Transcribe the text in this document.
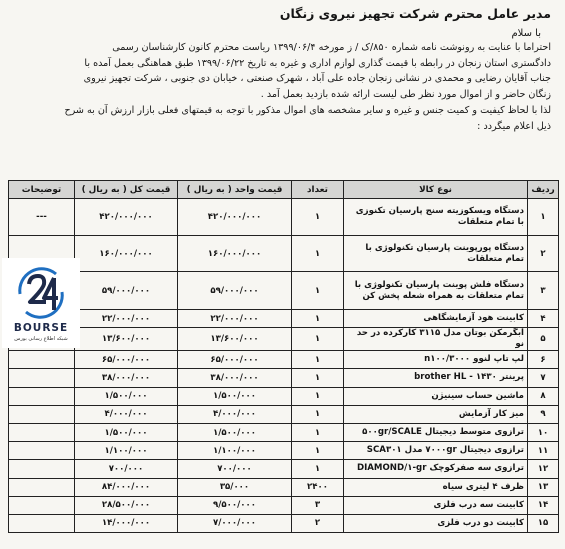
مدیر عامل محترم شرکت تجهیز نیروی زنگان
با سلام
احتراما با عنایت به رونوشت نامه شماره ۸۵۰/ک / ز مورخه ۱۳۹۹/۰۶/۴ ریاست محترم کانون کارشناسان رسمی
دادگستری استان زنجان در رابطه با قیمت گذاری لوازم اداری و غیره به تاریخ ۱۳۹۹/۰۶/۲۲ طبق هماهنگی بعمل آمده با
جناب آقایان رضایی و محمدی در نشانی زنجان جاده علی آباد ، شهرک صنعتی ، خیابان دی جنوبی ، شرکت تجهیز نیروی
زنگان حاضر و از اموال مورد نظر طی لیست ارائه شده بازدید بعمل آمد .
لذا با لحاظ کیفیت و کمیت جنس و غیره و سایر مشخصه های اموال مذکور با توجه به قیمتهای فعلی بازار ارزش آن به شرح
ذیل اعلام میگردد :
ردیف	نوع کالا	تعداد	قیمت واحد ( به ریال )	قیمت کل ( به ریال )	توضیحات
۱	دستگاه ویسکوزیته سنج پارسیان تکنوزی با تمام متعلقات	۱	۴۲۰/۰۰۰/۰۰۰	۴۲۰/۰۰۰/۰۰۰	---
۲	دستگاه پورپوینت پارسیان تکنولوژی با تمام متعلقات	۱	۱۶۰/۰۰۰/۰۰۰	۱۶۰/۰۰۰/۰۰۰	
۳	دستگاه فلش پوینت پارسیان تکنولوژی با تمام متعلقات به همراه شعله پخش کن	۱	۵۹/۰۰۰/۰۰۰	۵۹/۰۰۰/۰۰۰	
۴	کابینت هود آزمایشگاهی	۱	۲۲/۰۰۰/۰۰۰	۲۲/۰۰۰/۰۰۰	
۵	آبگرمکن بوتان مدل ۳۱۱۵ کارکرده در حد نو	۱	۱۳/۶۰۰/۰۰۰	۱۳/۶۰۰/۰۰۰	
۶	لپ تاپ لنوو ۳۰۰۰/n۱۰۰	۱	۶۵/۰۰۰/۰۰۰	۶۵/۰۰۰/۰۰۰	
۷	پرینتر brother HL - ۱۴۳۰	۱	۳۸/۰۰۰/۰۰۰	۳۸/۰۰۰/۰۰۰	
۸	ماشین حساب سینیژن	۱	۱/۵۰۰/۰۰۰	۱/۵۰۰/۰۰۰	
۹	میز کار آزمایش	۱	۴/۰۰۰/۰۰۰	۴/۰۰۰/۰۰۰	
۱۰	ترازوی متوسط دیجیتال ۵۰۰gr/SCALE	۱	۱/۵۰۰/۰۰۰	۱/۵۰۰/۰۰۰	
۱۱	ترازوی دیجیتال ۷۰۰۰gr مدل SCA۳۰۱	۱	۱/۱۰۰/۰۰۰	۱/۱۰۰/۰۰۰	
۱۲	ترازوی سه صفرکوچک DIAMOND/۱-gr	۱	۷۰۰/۰۰۰	۷۰۰/۰۰۰	
۱۳	ظرف ۴ لیتری سیاه	۲۴۰۰	۳۵/۰۰۰	۸۴/۰۰۰/۰۰۰	
۱۴	کابینت سه درب فلزی	۳	۹/۵۰۰/۰۰۰	۲۸/۵۰۰/۰۰۰	
۱۵	کابینت دو درب فلزی	۲	۷/۰۰۰/۰۰۰	۱۴/۰۰۰/۰۰۰	
BOURSE
شبکه اطلاع رسانی بورس
